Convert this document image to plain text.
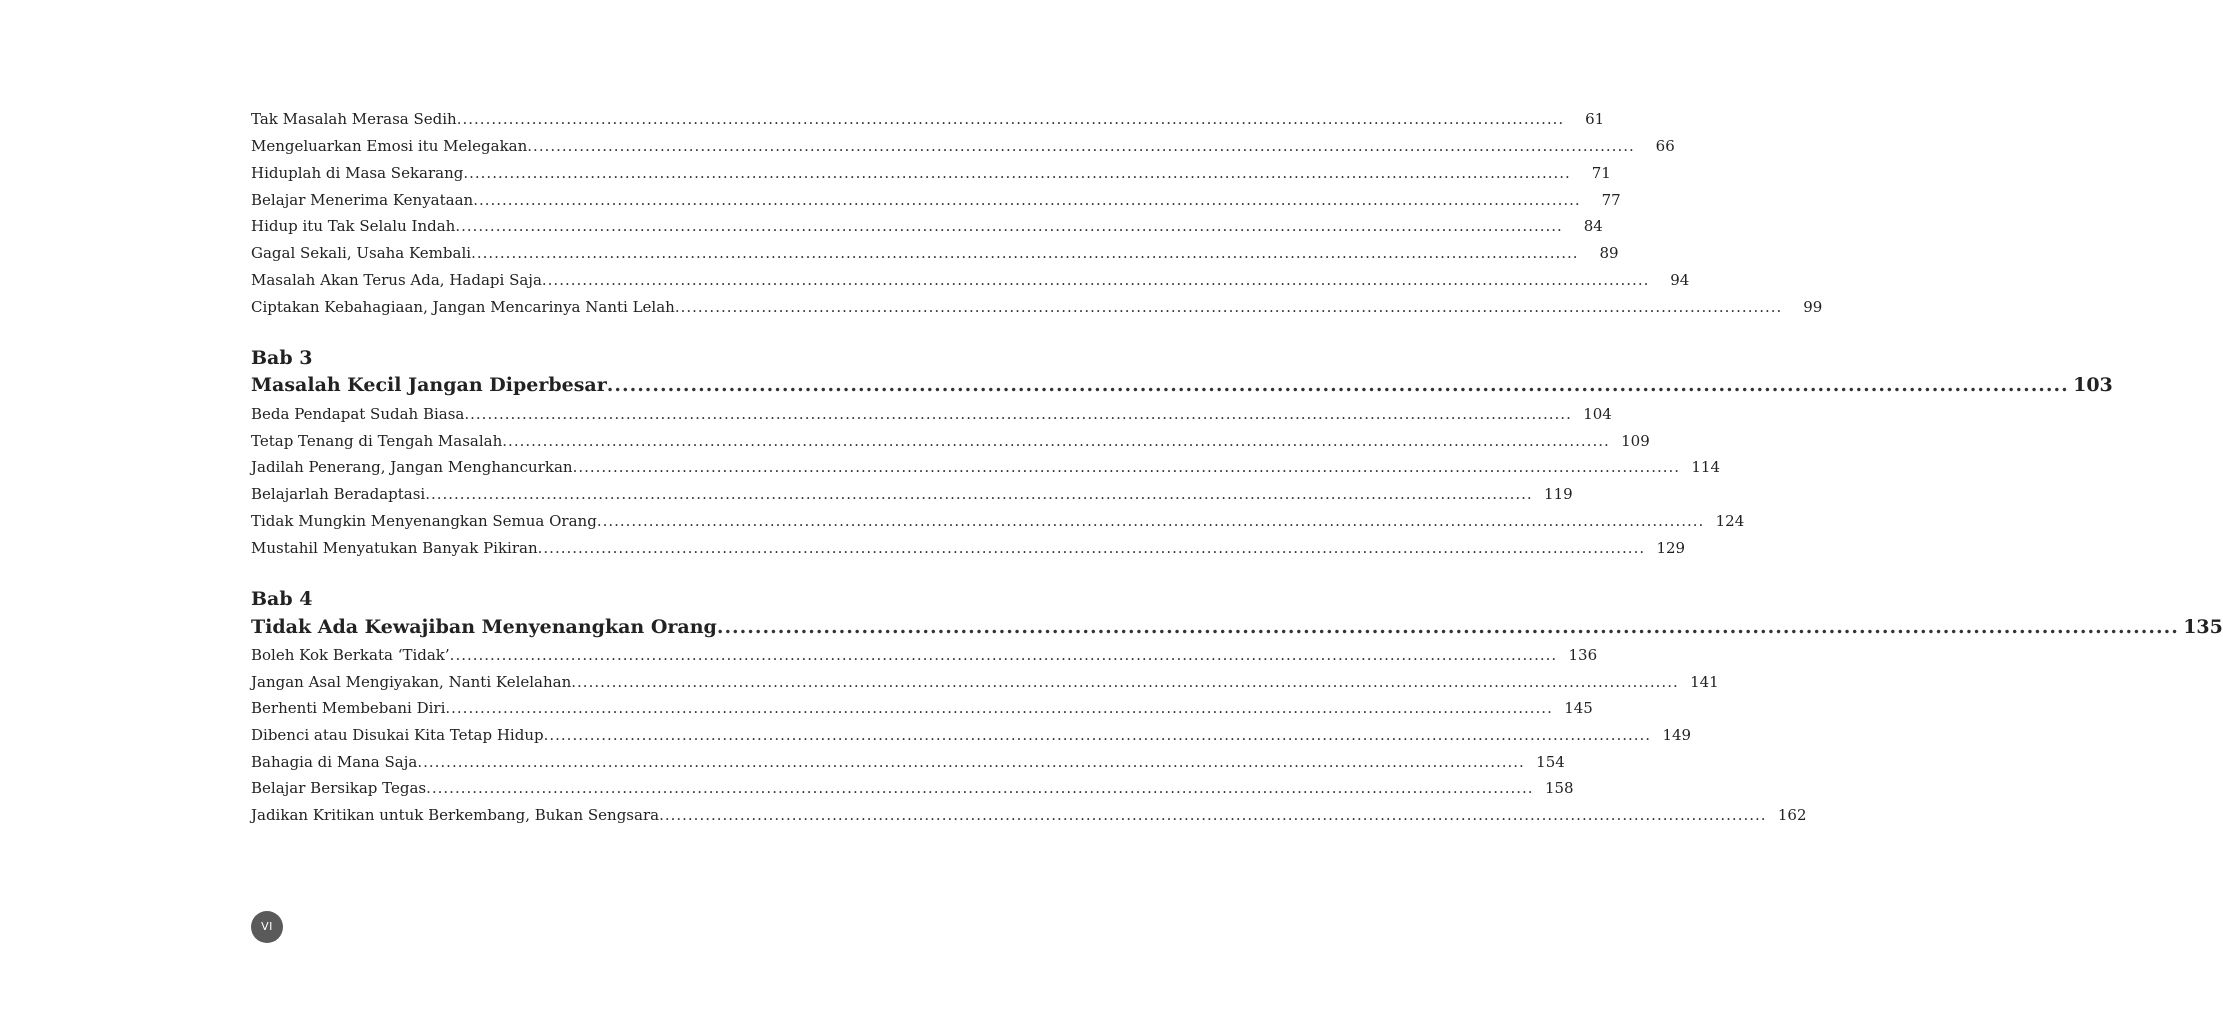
Tak Masalah Merasa Sedih .....	61
Mengeluarkan Emosi itu Melegakan .....	66
Hiduplah di Masa Sekarang .....	71
Belajar Menerima Kenyataan .....	77
Hidup itu Tak Selalu Indah .....	84
Gagal Sekali, Usaha Kembali .....	89
Masalah Akan Terus Ada, Hadapi Saja .....	94
Ciptakan Kebahagiaan, Jangan Mencarinya Nanti Lelah .....	99
Bab 3
Masalah Kecil Jangan Diperbesar .....	103
Beda Pendapat Sudah Biasa .....	104
Tetap Tenang di Tengah Masalah .....	109
Jadilah Penerang, Jangan Menghancurkan .....	114
Belajarlah Beradaptasi .....	119
Tidak Mungkin Menyenangkan Semua Orang .....	124
Mustahil Menyatukan Banyak Pikiran .....	129
Bab 4
Tidak Ada Kewajiban Menyenangkan Orang .....	135
Boleh Kok Berkata ‘Tidak’ .....	136
Jangan Asal Mengiyakan, Nanti Kelelahan .....	141
Berhenti Membebani Diri .....	145
Dibenci atau Disukai Kita Tetap Hidup .....	149
Bahagia di Mana Saja .....	154
Belajar Bersikap Tegas .....	158
Jadikan Kritikan untuk Berkembang, Bukan Sengsara .....	162
VI
